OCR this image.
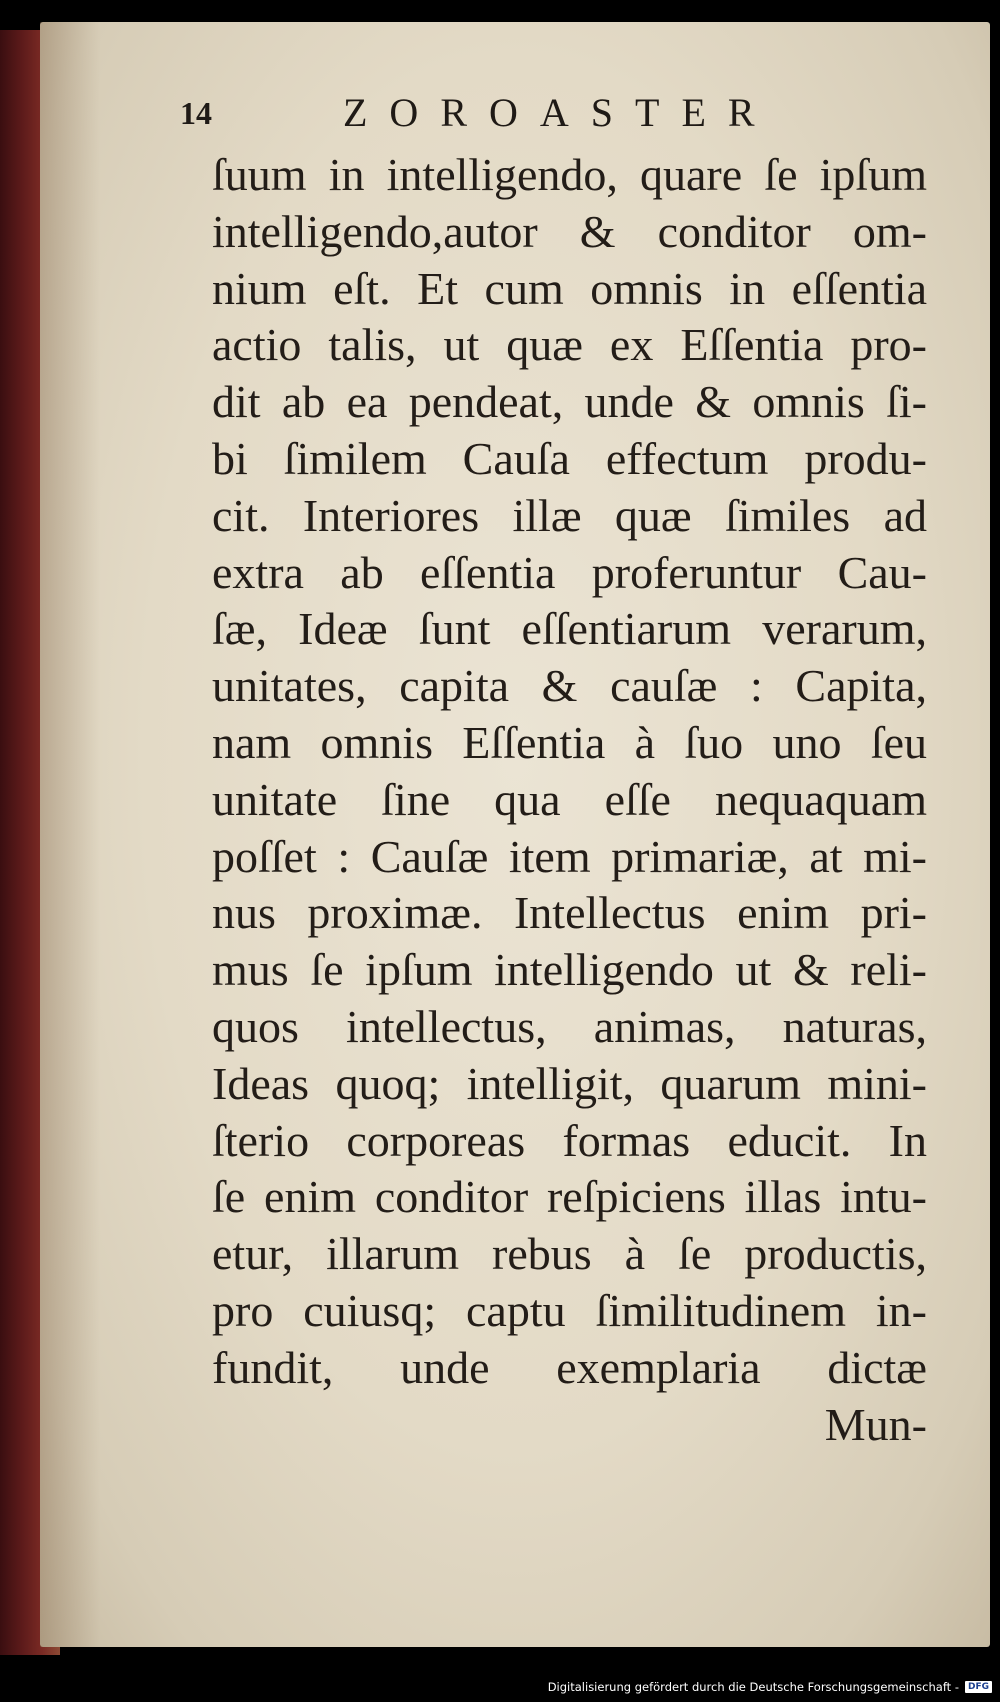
14	ZOROASTER
ſuum in intelligendo, quare ſe ipſum
intelligendo,autor & conditor om-
nium eſt. Et cum omnis in eſſentia
actio talis, ut quæ ex Eſſentia pro-
dit ab ea pendeat, unde & omnis ſi-
bi ſimilem Cauſa effectum produ-
cit. Interiores illæ quæ ſimiles ad
extra ab eſſentia proferuntur Cau-
ſæ, Ideæ ſunt eſſentiarum verarum,
unitates, capita & cauſæ : Capita,
nam omnis Eſſentia à ſuo uno ſeu
unitate ſine qua eſſe nequaquam
poſſet : Cauſæ item primariæ, at mi-
nus proximæ. Intellectus enim pri-
mus ſe ipſum intelligendo ut & reli-
quos intellectus, animas, naturas,
Ideas quoq; intelligit, quarum mini-
ſterio corporeas formas educit. In
ſe enim conditor reſpiciens illas intu-
etur, illarum rebus à ſe productis,
pro cuiusq; captu ſimilitudinem in-
fundit, unde exemplaria dictæ
Mun-
Digitalisierung gefördert durch die Deutsche Forschungsgemeinschaft -	DFG
